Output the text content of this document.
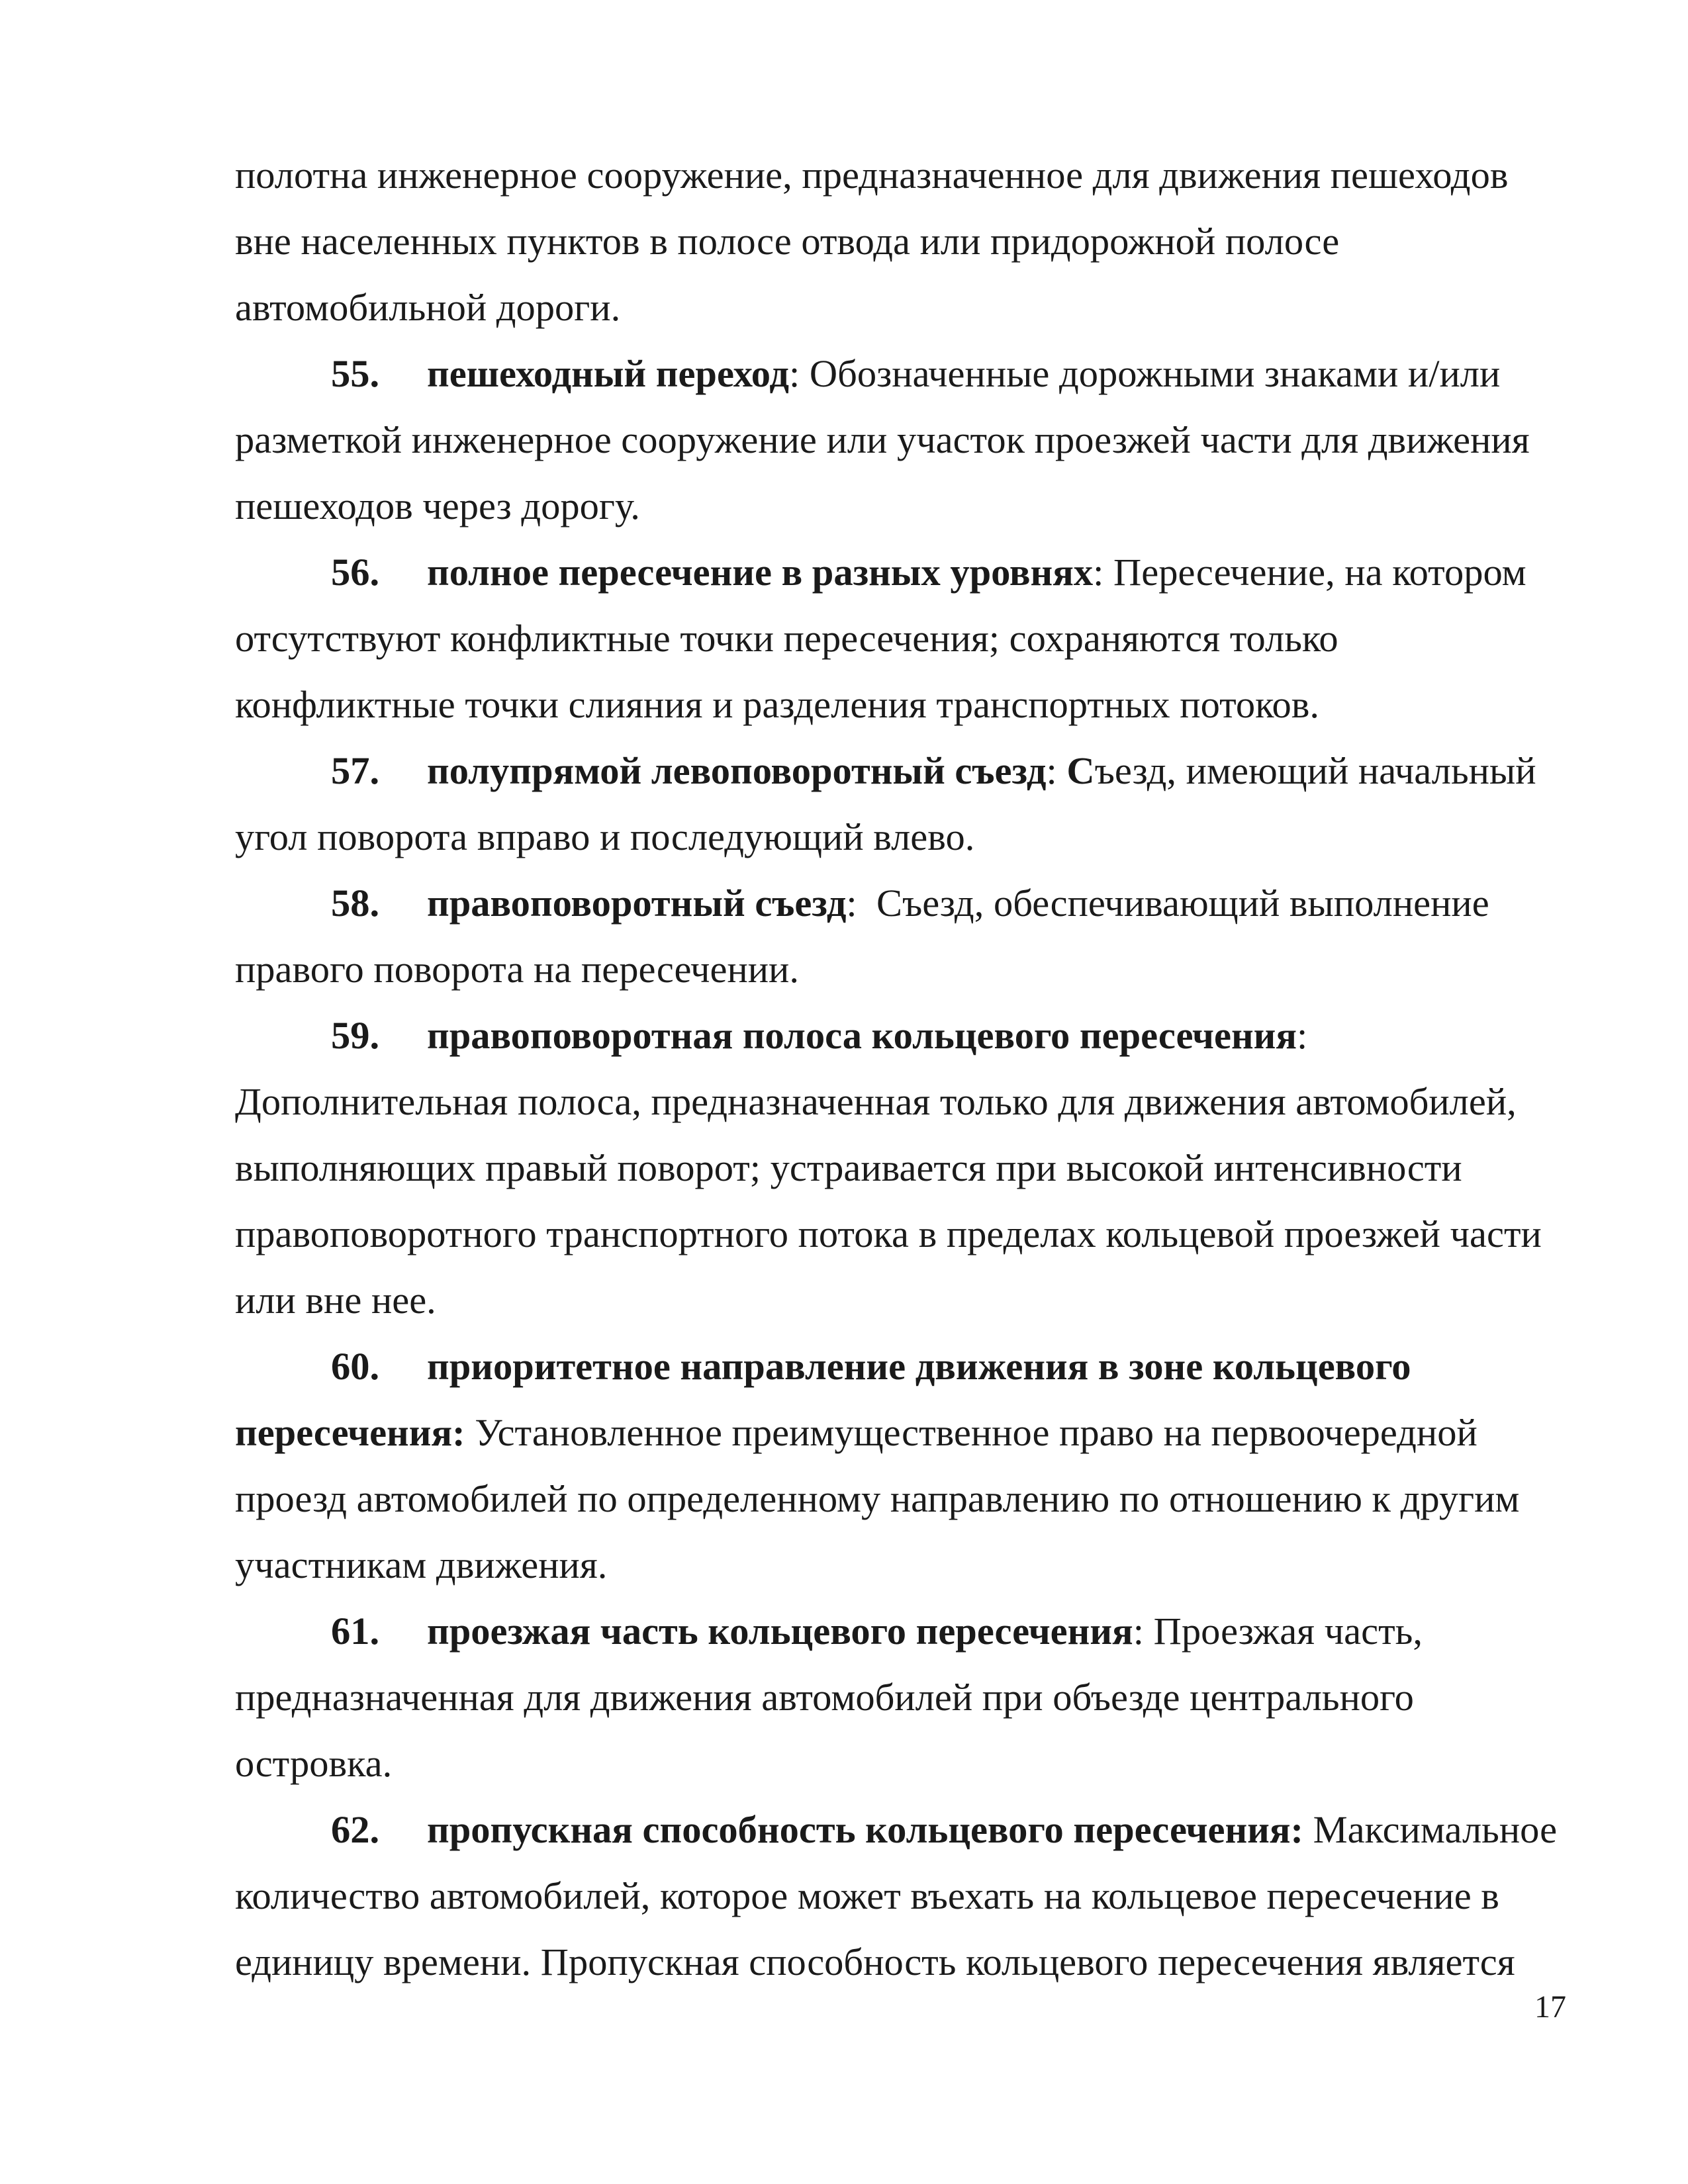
полотна инженерное сооружение, предназначенное для движения пешеходов
вне населенных пунктов в полосе отвода или придорожной полосе
автомобильной дороги.
55. пешеходный переход: Обозначенные дорожными знаками и/или
разметкой инженерное сооружение или участок проезжей части для движения
пешеходов через дорогу.
56. полное пересечение в разных уровнях: Пересечение, на котором
отсутствуют конфликтные точки пересечения; сохраняются только
конфликтные точки слияния и разделения транспортных потоков.
57. полупрямой левоповоротный съезд: Съезд, имеющий начальный
угол поворота вправо и последующий влево.
58. правоповоротный съезд:  Съезд, обеспечивающий выполнение
правого поворота на пересечении.
59. правоповоротная полоса кольцевого пересечения:
Дополнительная полоса, предназначенная только для движения автомобилей,
выполняющих правый поворот; устраивается при высокой интенсивности
правоповоротного транспортного потока в пределах кольцевой проезжей части
или вне нее.
60. приоритетное направление движения в зоне кольцевого
пересечения: Установленное преимущественное право на первоочередной
проезд автомобилей по определенному направлению по отношению к другим
участникам движения.
61. проезжая часть кольцевого пересечения: Проезжая часть,
предназначенная для движения автомобилей при объезде центрального
островка.
62. пропускная способность кольцевого пересечения: Максимальное
количество автомобилей, которое может въехать на кольцевое пересечение в
единицу времени. Пропускная способность кольцевого пересечения является
17
